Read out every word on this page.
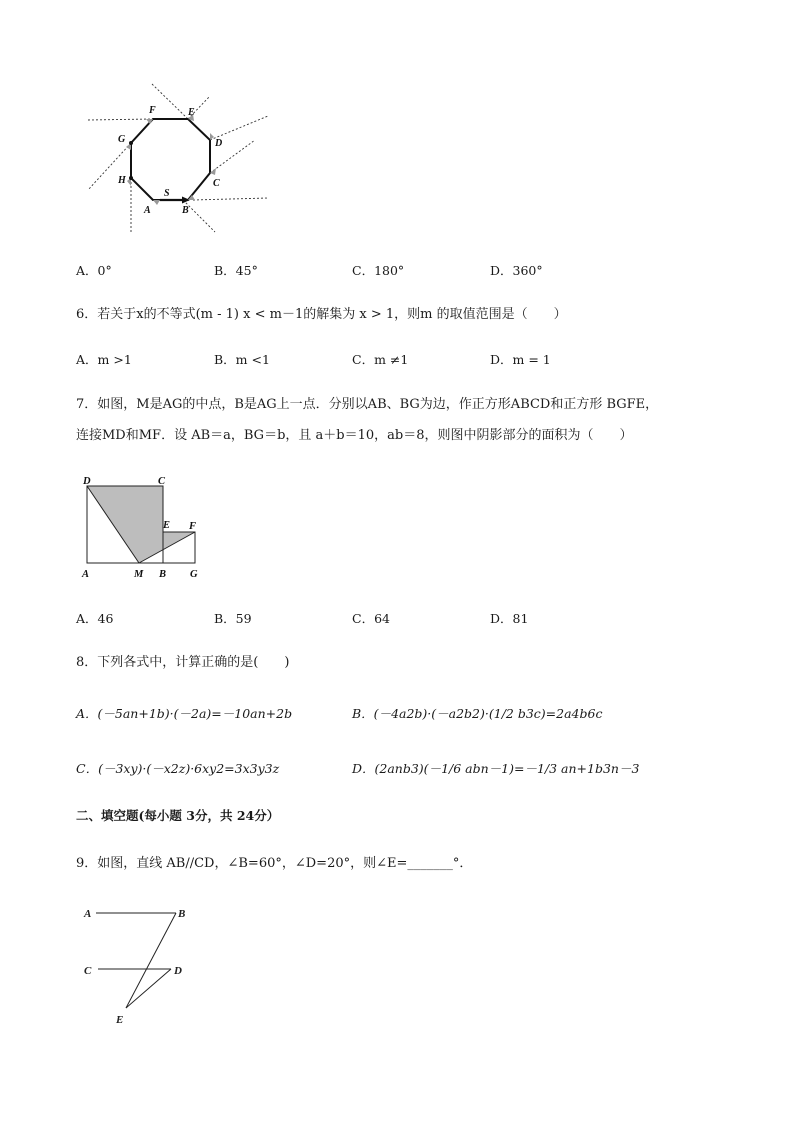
F	E
G	D
H	C
A
S
B
A．0°	B．45°	C．180°	D．360°
6．若关于x的不等式(m - 1) x < m－1的解集为 x > 1，则m 的取值范围是（　　）
A．m >1	B．m <1	C．m ≠1	D．m = 1
7．如图，M是AG的中点，B是AG上一点．分别以AB、BG为边，作正方形ABCD和正方形 BGFE，
连接MD和MF．设 AB＝a，BG＝b，且 a＋b＝10，ab＝8，则图中阴影部分的面积为（　　）
D	C
E F
A	M B G
A．46	B．59	C．64	D．81
8．下列各式中，计算正确的是(　　)
A．(－5an+1b)·(－2a)=－10an+2b	B．(－4a2b)·(－a2b2)·(1/2 b3c)=2a4b6c
C．(－3xy)·(－x2z)·6xy2=3x3y3z	D．(2anb3)(－1/6 abn－1)=－1/3 an+1b3n－3
二、填空题(每小题 3分，共 24分）
9．如图，直线 AB//CD，∠B=60°，∠D=20°，则∠E=_______°．
A	B
C	D
E
